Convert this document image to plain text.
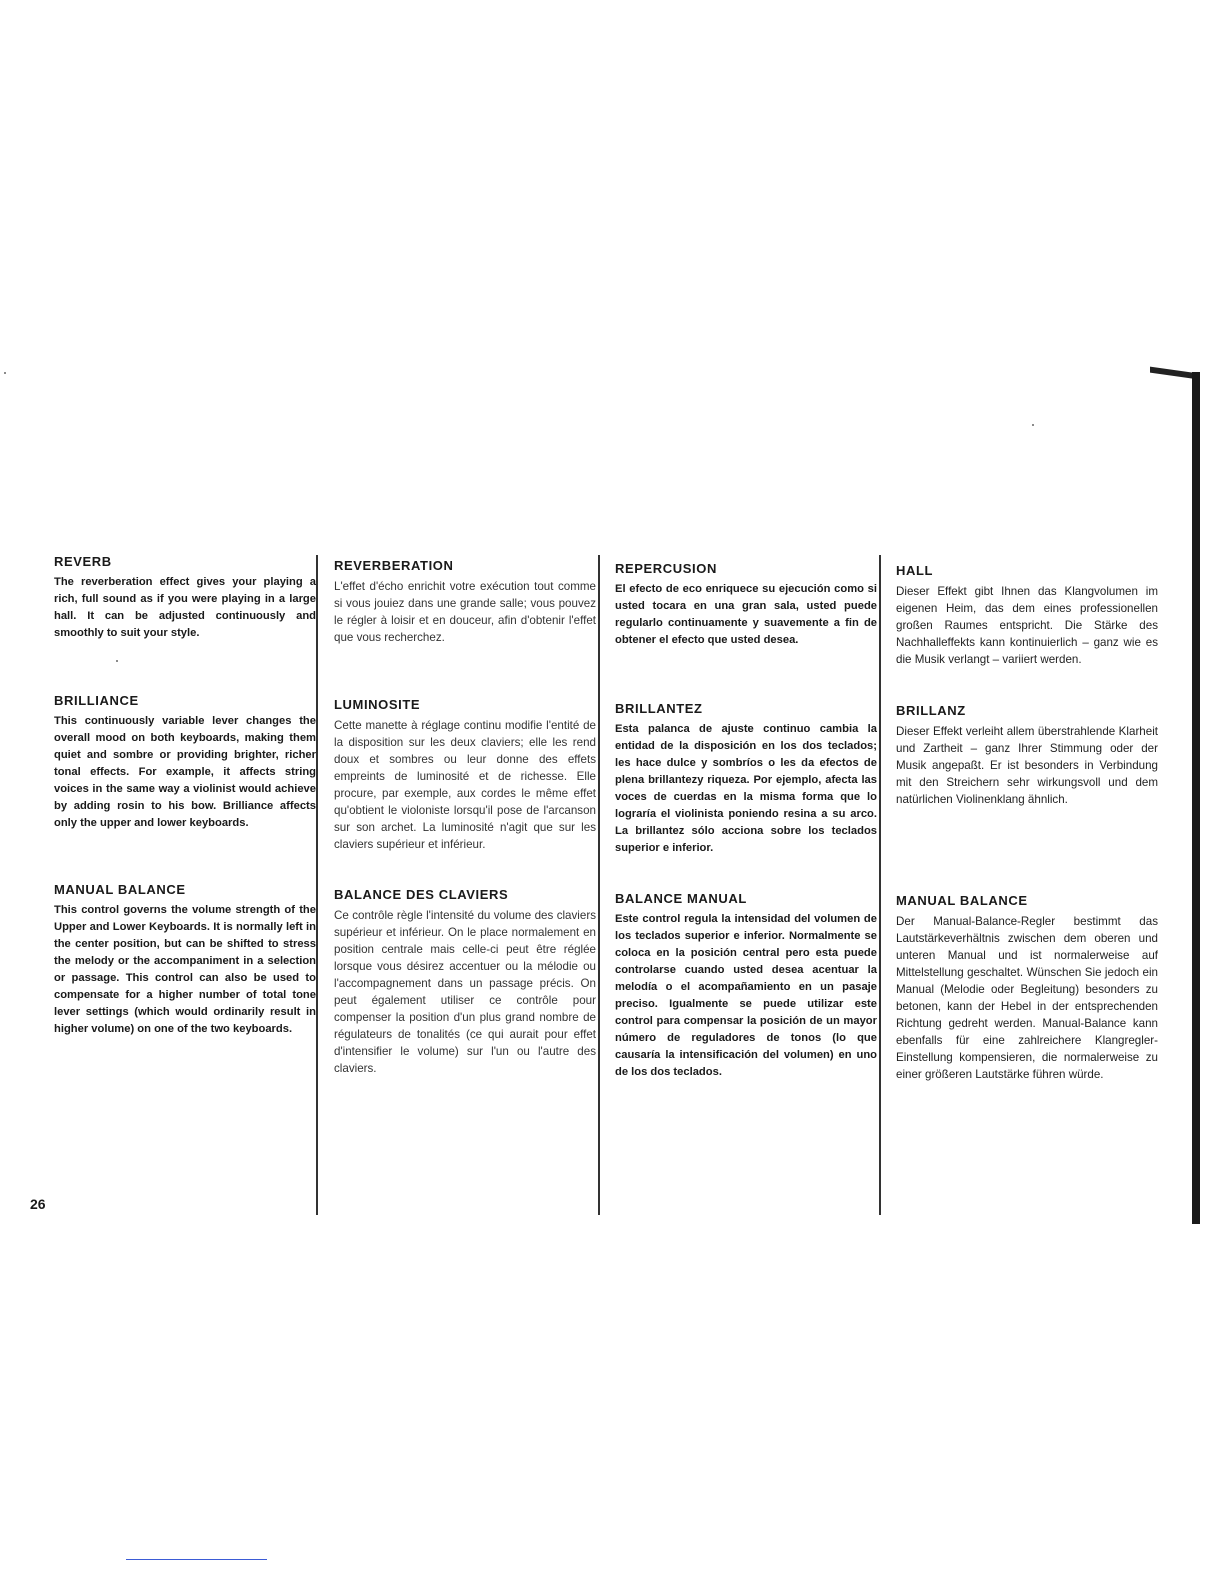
REVERB

The reverberation effect gives your playing a rich, full sound as if you were playing in a large hall. It can be adjusted continuously and smoothly to suit your style.

BRILLIANCE

This continuously variable lever changes the overall mood on both keyboards, making them quiet and sombre or providing brighter, richer tonal effects. For example, it affects string voices in the same way a violinist would achieve by adding rosin to his bow. Brilliance affects only the upper and lower keyboards.

MANUAL BALANCE

This control governs the volume strength of the Upper and Lower Keyboards. It is normally left in the center position, but can be shifted to stress the melody or the accompaniment in a selection or passage. This control can also be used to compensate for a higher number of total tone lever settings (which would ordinarily result in higher volume) on one of the two keyboards.

REVERBERATION

L'effet d'écho enrichit votre exécution tout comme si vous jouiez dans une grande salle; vous pouvez le régler à loisir et en douceur, afin d'obtenir l'effet que vous recherchez.

LUMINOSITE

Cette manette à réglage continu modifie l'entité de la disposition sur les deux claviers; elle les rend doux et sombres ou leur donne des effets empreints de luminosité et de richesse. Elle procure, par exemple, aux cordes le même effet qu'obtient le violoniste lorsqu'il pose de l'arcanson sur son archet. La luminosité n'agit que sur les claviers supérieur et inférieur.

BALANCE DES CLAVIERS

Ce contrôle règle l'intensité du volume des claviers supérieur et inférieur. On le place normalement en position centrale mais celle-ci peut être réglée lorsque vous désirez accentuer ou la mélodie ou l'accompagnement dans un passage précis. On peut également utiliser ce contrôle pour compenser la position d'un plus grand nombre de régulateurs de tonalités (ce qui aurait pour effet d'intensifier le volume) sur l'un ou l'autre des claviers.

REPERCUSION

El efecto de eco enriquece su ejecución como si usted tocara en una gran sala, usted puede regularlo continuamente y suavemente a fin de obtener el efecto que usted desea.

BRILLANTEZ

Esta palanca de ajuste continuo cambia la entidad de la disposición en los dos teclados; les hace dulce y sombríos o les da efectos de plena brillantezy riqueza. Por ejemplo, afecta las voces de cuerdas en la misma forma que lo lograría el violinista poniendo resina a su arco. La brillantez sólo acciona sobre los teclados superior e inferior.

BALANCE MANUAL

Este control regula la intensidad del volumen de los teclados superior e inferior. Normalmente se coloca en la posición central pero esta puede controlarse cuando usted desea acentuar la melodía o el acompañamiento en un pasaje preciso. Igualmente se puede utilizar este control para compensar la posición de un mayor número de reguladores de tonos (lo que causaría la intensificación del volumen) en uno de los dos teclados.

HALL

Dieser Effekt gibt Ihnen das Klangvolumen im eigenen Heim, das dem eines professionellen großen Raumes entspricht. Die Stärke des Nachhalleffekts kann kontinuierlich – ganz wie es die Musik verlangt – variiert werden.

BRILLANZ

Dieser Effekt verleiht allem überstrahlende Klarheit und Zartheit – ganz Ihrer Stimmung oder der Musik angepaßt. Er ist besonders in Verbindung mit den Streichern sehr wirkungsvoll und dem natürlichen Violinenklang ähnlich.

MANUAL BALANCE

Der Manual-Balance-Regler bestimmt das Lautstärkeverhältnis zwischen dem oberen und unteren Manual und ist normalerweise auf Mittelstellung geschaltet. Wünschen Sie jedoch ein Manual (Melodie oder Begleitung) besonders zu betonen, kann der Hebel in der entsprechenden Richtung gedreht werden. Manual-Balance kann ebenfalls für eine zahlreichere Klangregler-Einstellung kompensieren, die normalerweise zu einer größeren Lautstärke führen würde.

26
